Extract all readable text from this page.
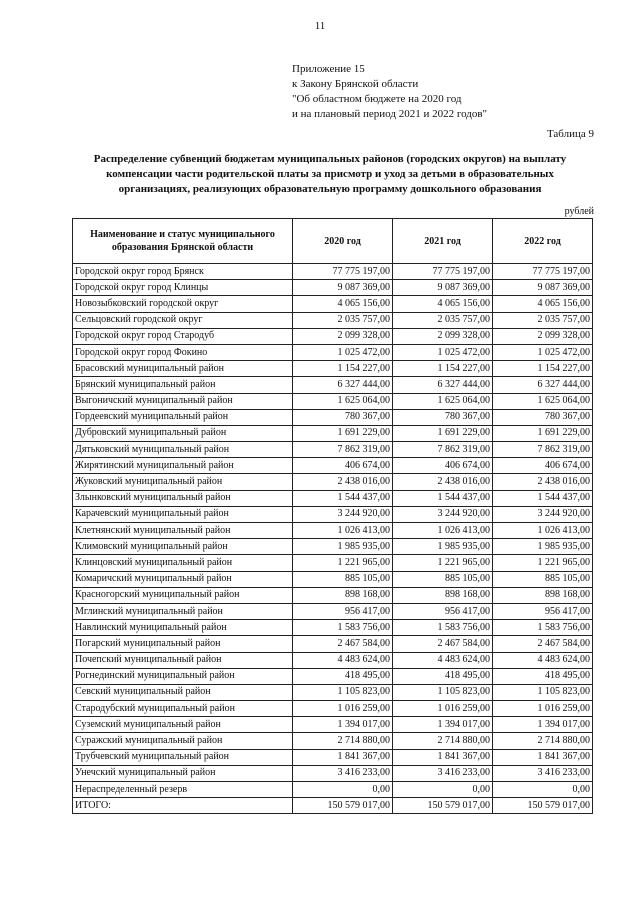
11
Приложение 15
к Закону Брянской области
"Об областном бюджете на 2020 год
и на плановый период 2021 и 2022 годов"
Таблица 9
Распределение субвенций бюджетам муниципальных районов (городских округов) на выплату компенсации части родительской платы за присмотр и уход за детьми в образовательных организациях, реализующих образовательную программу дошкольного образования
рублей
Наименование и статус муниципального образования Брянской области	2020 год	2021 год	2022 год
Городской округ город Брянск	77 775 197,00	77 775 197,00	77 775 197,00
Городской округ город Клинцы	9 087 369,00	9 087 369,00	9 087 369,00
Новозыбковский городской округ	4 065 156,00	4 065 156,00	4 065 156,00
Сельцовский городской округ	2 035 757,00	2 035 757,00	2 035 757,00
Городской округ город Стародуб	2 099 328,00	2 099 328,00	2 099 328,00
Городской округ город Фокино	1 025 472,00	1 025 472,00	1 025 472,00
Брасовский муниципальный район	1 154 227,00	1 154 227,00	1 154 227,00
Брянский муниципальный район	6 327 444,00	6 327 444,00	6 327 444,00
Выгоничский муниципальный район	1 625 064,00	1 625 064,00	1 625 064,00
Гордеевский муниципальный район	780 367,00	780 367,00	780 367,00
Дубровский муниципальный район	1 691 229,00	1 691 229,00	1 691 229,00
Дятьковский муниципальный район	7 862 319,00	7 862 319,00	7 862 319,00
Жирятинский муниципальный район	406 674,00	406 674,00	406 674,00
Жуковский муниципальный район	2 438 016,00	2 438 016,00	2 438 016,00
Злынковский муниципальный район	1 544 437,00	1 544 437,00	1 544 437,00
Карачевский муниципальный район	3 244 920,00	3 244 920,00	3 244 920,00
Клетнянский муниципальный район	1 026 413,00	1 026 413,00	1 026 413,00
Климовский муниципальный район	1 985 935,00	1 985 935,00	1 985 935,00
Клинцовский муниципальный район	1 221 965,00	1 221 965,00	1 221 965,00
Комаричский муниципальный район	885 105,00	885 105,00	885 105,00
Красногорский муниципальный район	898 168,00	898 168,00	898 168,00
Мглинский муниципальный район	956 417,00	956 417,00	956 417,00
Навлинский муниципальный район	1 583 756,00	1 583 756,00	1 583 756,00
Погарский муниципальный район	2 467 584,00	2 467 584,00	2 467 584,00
Почепский муниципальный район	4 483 624,00	4 483 624,00	4 483 624,00
Рогнединский муниципальный район	418 495,00	418 495,00	418 495,00
Севский муниципальный район	1 105 823,00	1 105 823,00	1 105 823,00
Стародубский муниципальный район	1 016 259,00	1 016 259,00	1 016 259,00
Суземский муниципальный район	1 394 017,00	1 394 017,00	1 394 017,00
Суражский муниципальный район	2 714 880,00	2 714 880,00	2 714 880,00
Трубчевский муниципальный район	1 841 367,00	1 841 367,00	1 841 367,00
Унечский муниципальный район	3 416 233,00	3 416 233,00	3 416 233,00
Нераспределенный резерв	0,00	0,00	0,00
ИТОГО:	150 579 017,00	150 579 017,00	150 579 017,00
